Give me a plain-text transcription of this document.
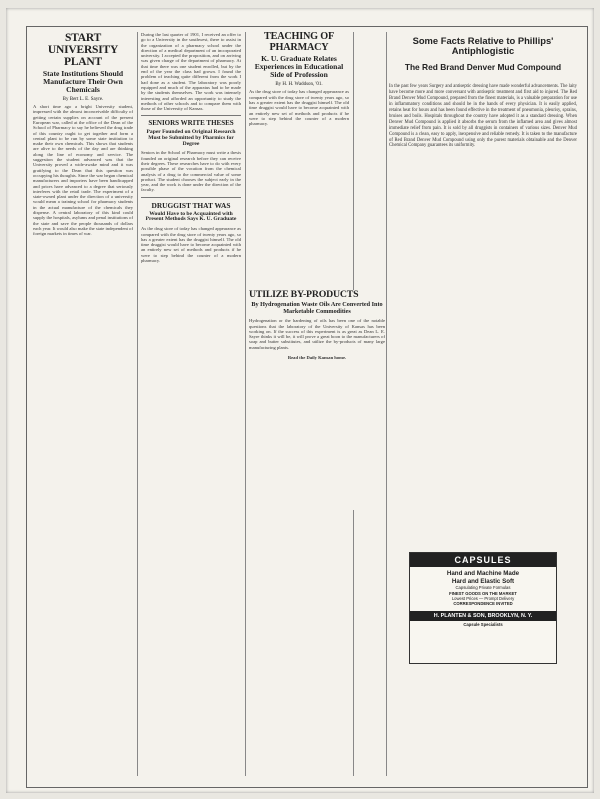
START UNIVERSITY PLANT

State Institutions Should Manufacture Their Own Chemicals

By Bert L. E. Sayre.

A short time ago a bright University student, impressed with the almost inconceivable difficulty of getting certain supplies on account of the present European war, called at the office of the Dean of the School of Pharmacy to say he believed the drug trade of this country ought to get together and form a central plant to be run by some state institution to make their own chemicals. This shows that students are alive to the needs of the day and are thinking along the line of economy and service. The suggestion the student advanced was that the University proved a wide-awake mind and it was gratifying to the Dean that this question was occupying his thoughts. Since the war began chemical manufacturers and importers have been handicapped and prices have advanced to a degree that seriously interferes with the retail trade. The experiment of a state-owned plant under the direction of a university would mean a training school for pharmacy students in the actual manufacture of the chemicals they dispense. A central laboratory of this kind could supply the hospitals, asylums and penal institutions of the state and save the people thousands of dollars each year. It would also make the state independent of foreign markets in times of war.

During the last quarter of 1901, I received an offer to go to a University in the southwest, there to assist in the organization of a pharmacy school under the direction of a medical department of an incorporated university. I accepted the proposition, and on arriving was given charge of the department of pharmacy. At that time there was one student enrolled, but by the end of the year the class had grown. I found the problem of teaching quite different from the work I had done as a student. The laboratory was poorly equipped and much of the apparatus had to be made by the students themselves. The work was intensely interesting and afforded an opportunity to study the methods of other schools and to compare them with those of the University of Kansas.

SENIORS WRITE THESES

Paper Founded on Original Research Must be Submitted by Pharmics for Degree

Seniors in the School of Pharmacy must write a thesis founded on original research before they can receive their degrees. These researches have to do with every possible phase of the vocation from the chemical analysis of a drug to the commercial value of some product. The student chooses the subject early in the year, and the work is done under the direction of the faculty.

DRUGGIST THAT WAS

Would Have to be Acquainted with Present Methods Says K. U. Graduate

As the drug store of today has changed appearance as compared with the drug store of twenty years ago, so has a greater extent has the druggist himself. The old time druggist would have to become acquainted with an entirely new set of methods and products if he were to step behind the counter of a modern pharmacy.

TEACHING OF PHARMACY

K. U. Graduate Relates Experiences in Educational Side of Profession

By H. H. Waddson, '01.

As the drug store of today has changed appearance as compared with the drug store of twenty years ago, so has a greater extent has the druggist himself. The old time druggist would have to become acquainted with an entirely new set of methods and products if he were to step behind the counter of a modern pharmacy.

UTILIZE BY-PRODUCTS

By Hydrogenation Waste Oils Are Converted Into Marketable Commodities

Hydrogenation or the hardening of oils has been one of the notable questions that the laboratory of the University of Kansas has been working on. If the success of this experiment is as great as Dean L. E. Sayre thinks it will be, it will prove a great boon to the manufacturers of soap and butter substitutes, and utilize the by-products of many large manufacturing plants.

Read the Daily Kansan home.

Some Facts Relative to Phillips' Antiphlogistic
The Red Brand Denver Mud Compound

In the past few years Surgery and antiseptic dressing have made wonderful advancements. The laity have become more and more conversant with antiseptic treatment and first aid to injured. The Red Brand Denver Mud Compound, prepared from the finest materials, is a valuable preparation for use in inflammatory conditions and should be in the hands of every physician. It is easily applied, retains heat for hours and has been found effective in the treatment of pneumonia, pleurisy, sprains, bruises and boils. Hospitals throughout the country have adopted it as a standard dressing. When Denver Mud Compound is applied it absorbs the serum from the inflamed area and gives almost immediate relief from pain. It is sold by all druggists in containers of various sizes. Denver Mud Compound is a clean, easy to apply, inexpensive and reliable remedy. It is taken to the manufacture of Red Brand Denver Mud Compound using only the purest materials obtainable and the Denver Chemical Company guarantees its uniformity.

CAPSULES
Hand and Machine Made
Hard and Elastic Soft
Capsulating Private Formulas
FINEST GOODS ON THE MARKET
Lowest Prices — Prompt Delivery
CORRESPONDENCE INVITED
H. PLANTEN & SON, BROOKLYN, N. Y.
Capsule Specialists
